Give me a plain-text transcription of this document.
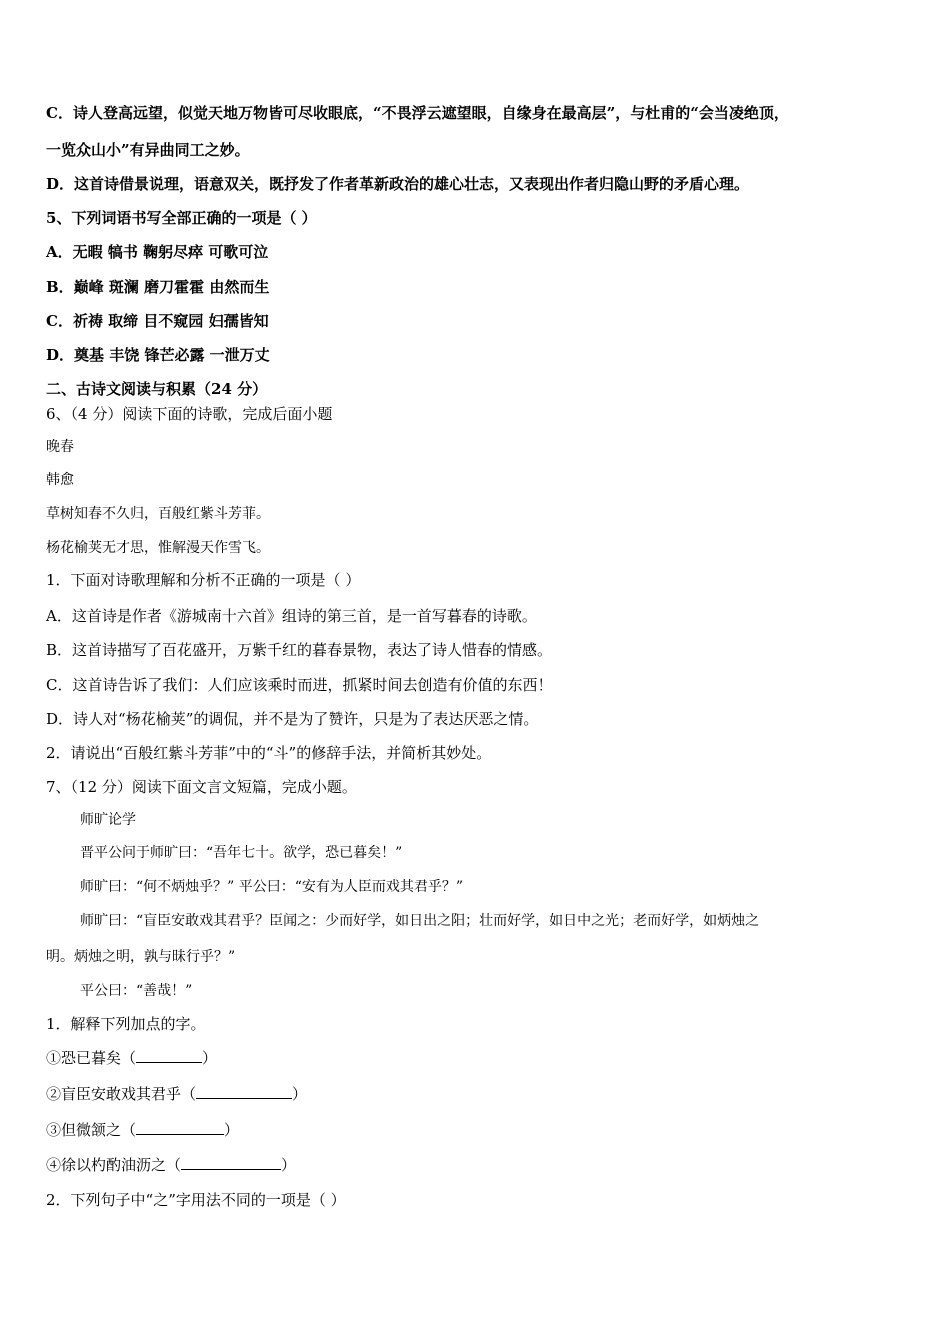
C．诗人登高远望，似觉天地万物皆可尽收眼底，“不畏浮云遮望眼，自缘身在最高层”，与杜甫的“会当凌绝顶，
一览众山小”有异曲同工之妙。
D．这首诗借景说理，语意双关，既抒发了作者革新政治的雄心壮志，又表现出作者归隐山野的矛盾心理。
5、下列词语书写全部正确的一项是（ ）
A．无暇 犒书 鞠躬尽瘁 可歌可泣
B．巅峰 斑澜 磨刀霍霍 由然而生
C．祈祷 取缔 目不窥园 妇孺皆知
D．奠基 丰饶 锋芒必露 一泄万丈
二、古诗文阅读与积累（24 分）
6、（4 分）阅读下面的诗歌，完成后面小题
晚春
韩愈
草树知春不久归，百般红紫斗芳菲。
杨花榆荚无才思，惟解漫天作雪飞。
1．下面对诗歌理解和分析不正确的一项是（ ）
A．这首诗是作者《游城南十六首》组诗的第三首，是一首写暮春的诗歌。
B．这首诗描写了百花盛开，万紫千红的暮春景物，表达了诗人惜春的情感。
C．这首诗告诉了我们：人们应该乘时而进，抓紧时间去创造有价值的东西！
D．诗人对“杨花榆荚”的调侃，并不是为了赞许，只是为了表达厌恶之情。
2．请说出“百般红紫斗芳菲”中的“斗”的修辞手法，并简析其妙处。
7、（12 分）阅读下面文言文短篇，完成小题。
师旷论学
晋平公问于师旷曰：“吾年七十。欲学，恐已暮矣！”
师旷曰：“何不炳烛乎？” 平公曰：“安有为人臣而戏其君乎？”
师旷曰：“盲臣安敢戏其君乎？臣闻之：少而好学，如日出之阳；壮而好学，如日中之光；老而好学，如炳烛之
明。炳烛之明，孰与昧行乎？”
平公曰：“善哉！”
1．解释下列加点的字。
①恐已暮矣（	）
②盲臣安敢戏其君乎（	）
③但微颔之（	）
④徐以杓酌油沥之（	）
2．下列句子中“之”字用法不同的一项是（ ）
